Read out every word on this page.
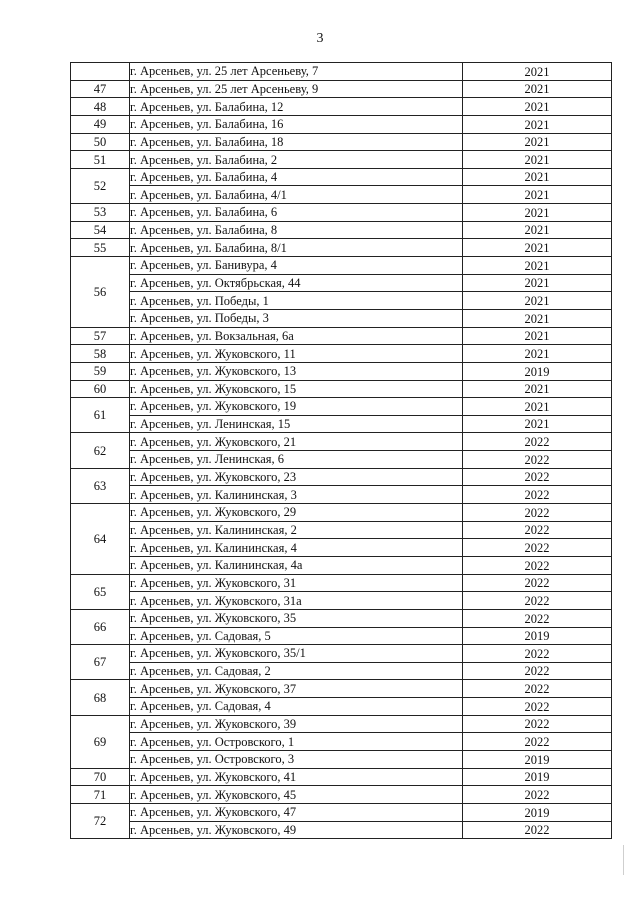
3
	г. Арсеньев, ул. 25 лет Арсеньеву, 7	2021
47	г. Арсеньев, ул. 25 лет Арсеньеву, 9	2021
48	г. Арсеньев, ул. Балабина, 12	2021
49	г. Арсеньев, ул. Балабина, 16	2021
50	г. Арсеньев, ул. Балабина, 18	2021
51	г. Арсеньев, ул. Балабина, 2	2021
52	г. Арсеньев, ул. Балабина, 4	2021
	г. Арсеньев, ул. Балабина, 4/1	2021
53	г. Арсеньев, ул. Балабина, 6	2021
54	г. Арсеньев, ул. Балабина, 8	2021
55	г. Арсеньев, ул. Балабина, 8/1	2021
56	г. Арсеньев, ул. Банивура, 4	2021
	г. Арсеньев, ул. Октябрьская, 44	2021
	г. Арсеньев, ул. Победы, 1	2021
	г. Арсеньев, ул. Победы, 3	2021
57	г. Арсеньев, ул. Вокзальная, 6а	2021
58	г. Арсеньев, ул. Жуковского, 11	2021
59	г. Арсеньев, ул. Жуковского, 13	2019
60	г. Арсеньев, ул. Жуковского, 15	2021
61	г. Арсеньев, ул. Жуковского, 19	2021
	г. Арсеньев, ул. Ленинская, 15	2021
62	г. Арсеньев, ул. Жуковского, 21	2022
	г. Арсеньев, ул. Ленинская, 6	2022
63	г. Арсеньев, ул. Жуковского, 23	2022
	г. Арсеньев, ул. Калининская, 3	2022
64	г. Арсеньев, ул. Жуковского, 29	2022
	г. Арсеньев, ул. Калининская, 2	2022
	г. Арсеньев, ул. Калининская, 4	2022
	г. Арсеньев, ул. Калининская, 4а	2022
65	г. Арсеньев, ул. Жуковского, 31	2022
	г. Арсеньев, ул. Жуковского, 31а	2022
66	г. Арсеньев, ул. Жуковского, 35	2022
	г. Арсеньев, ул. Садовая, 5	2019
67	г. Арсеньев, ул. Жуковского, 35/1	2022
	г. Арсеньев, ул. Садовая, 2	2022
68	г. Арсеньев, ул. Жуковского, 37	2022
	г. Арсеньев, ул. Садовая, 4	2022
69	г. Арсеньев, ул. Жуковского, 39	2022
	г. Арсеньев, ул. Островского, 1	2022
	г. Арсеньев, ул. Островского, 3	2019
70	г. Арсеньев, ул. Жуковского, 41	2019
71	г. Арсеньев, ул. Жуковского, 45	2022
72	г. Арсеньев, ул. Жуковского, 47	2019
	г. Арсеньев, ул. Жуковского, 49	2022
